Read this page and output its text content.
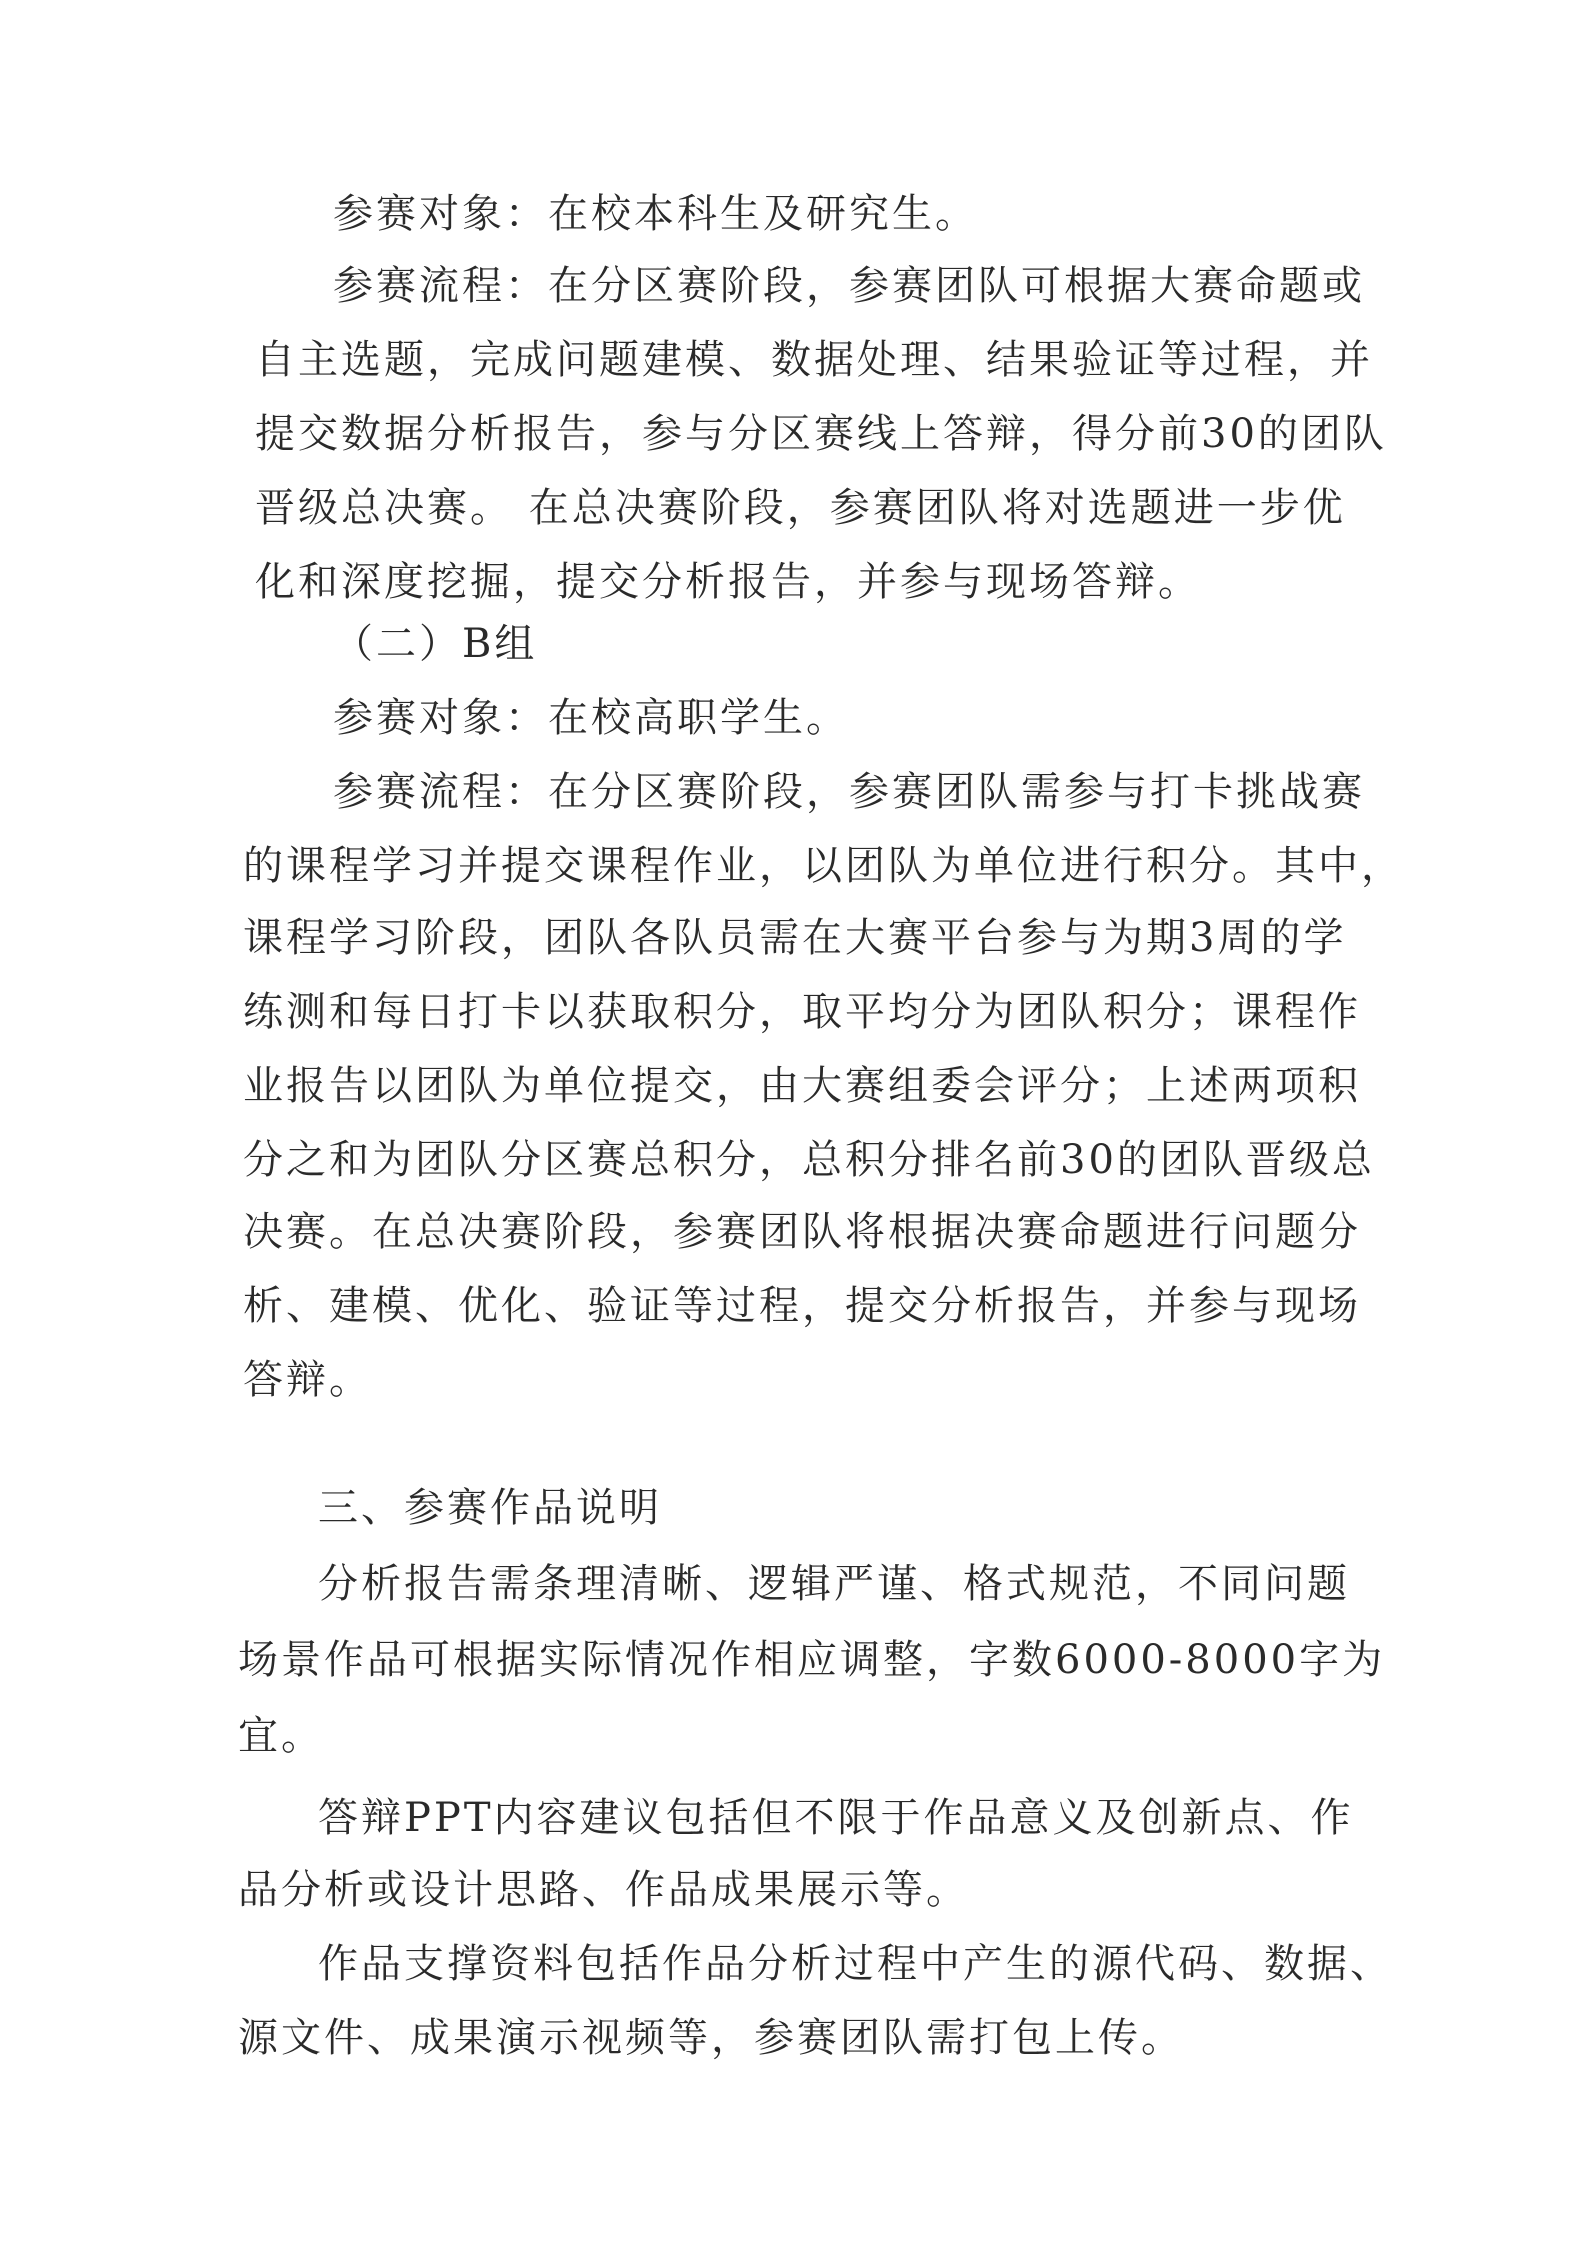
参赛对象：在校本科生及研究生。
参赛流程：在分区赛阶段，参赛团队可根据大赛命题或
自主选题，完成问题建模、数据处理、结果验证等过程，并
提交数据分析报告，参与分区赛线上答辩，得分前30的团队
晋级总决赛。 在总决赛阶段，参赛团队将对选题进一步优
化和深度挖掘，提交分析报告，并参与现场答辩。
（二）B组
参赛对象：在校高职学生。
参赛流程：在分区赛阶段，参赛团队需参与打卡挑战赛
的课程学习并提交课程作业，以团队为单位进行积分。其中，
课程学习阶段，团队各队员需在大赛平台参与为期3周的学
练测和每日打卡以获取积分，取平均分为团队积分；课程作
业报告以团队为单位提交，由大赛组委会评分；上述两项积
分之和为团队分区赛总积分，总积分排名前30的团队晋级总
决赛。在总决赛阶段，参赛团队将根据决赛命题进行问题分
析、建模、优化、验证等过程，提交分析报告，并参与现场
答辩。
三、参赛作品说明
分析报告需条理清晰、逻辑严谨、格式规范，不同问题
场景作品可根据实际情况作相应调整，字数6000-8000字为
宜。
答辩PPT内容建议包括但不限于作品意义及创新点、作
品分析或设计思路、作品成果展示等。
作品支撑资料包括作品分析过程中产生的源代码、数据、
源文件、成果演示视频等，参赛团队需打包上传。
